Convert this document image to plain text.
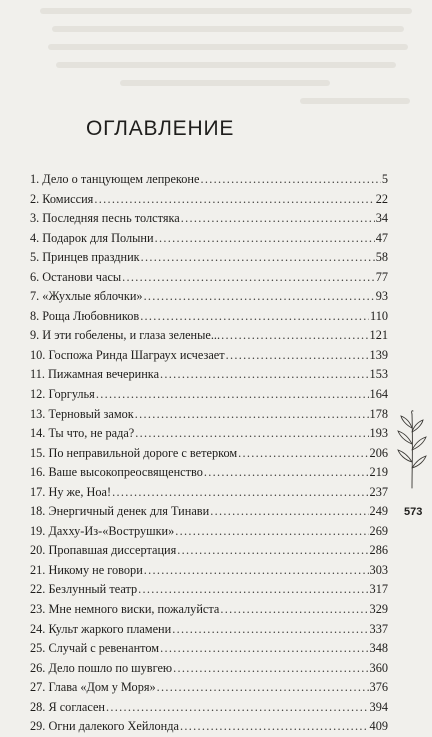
ОГЛАВЛЕНИЕ
1. Дело о танцующем лепреконе .....	5
2. Комиссия .....	22
3. Последняя песнь толстяка .....	34
4. Подарок для Полыни .....	47
5. Принцев праздник .....	58
6. Останови часы .....	77
7. «Жухлые яблочки» .....	93
8. Роща Любовников .....	110
9. И эти гобелены, и глаза зеленые... .....	121
10. Госпожа Ринда Шаграух исчезает .....	139
11. Пижамная вечеринка .....	153
12. Горгулья .....	164
13. Терновый замок .....	178
14. Ты что, не рада? .....	193
15. По неправильной дороге с ветерком .....	206
16. Ваше высокопреосвященство .....	219
17. Ну же, Ноа! .....	237
18. Энергичный денек для Тинави .....	249
19. Дахху-Из-«Вострушки» .....	269
20. Пропавшая диссертация .....	286
21. Никому не говори .....	303
22. Безлунный театр .....	317
23. Мне немного виски, пожалуйста .....	329
24. Культ жаркого пламени .....	337
25. Случай с ревенантом .....	348
26. Дело пошло по шувгею .....	360
27. Глава «Дом у Моря» .....	376
28. Я согласен .....	394
29. Огни далекого Хейлонда .....	409
573
